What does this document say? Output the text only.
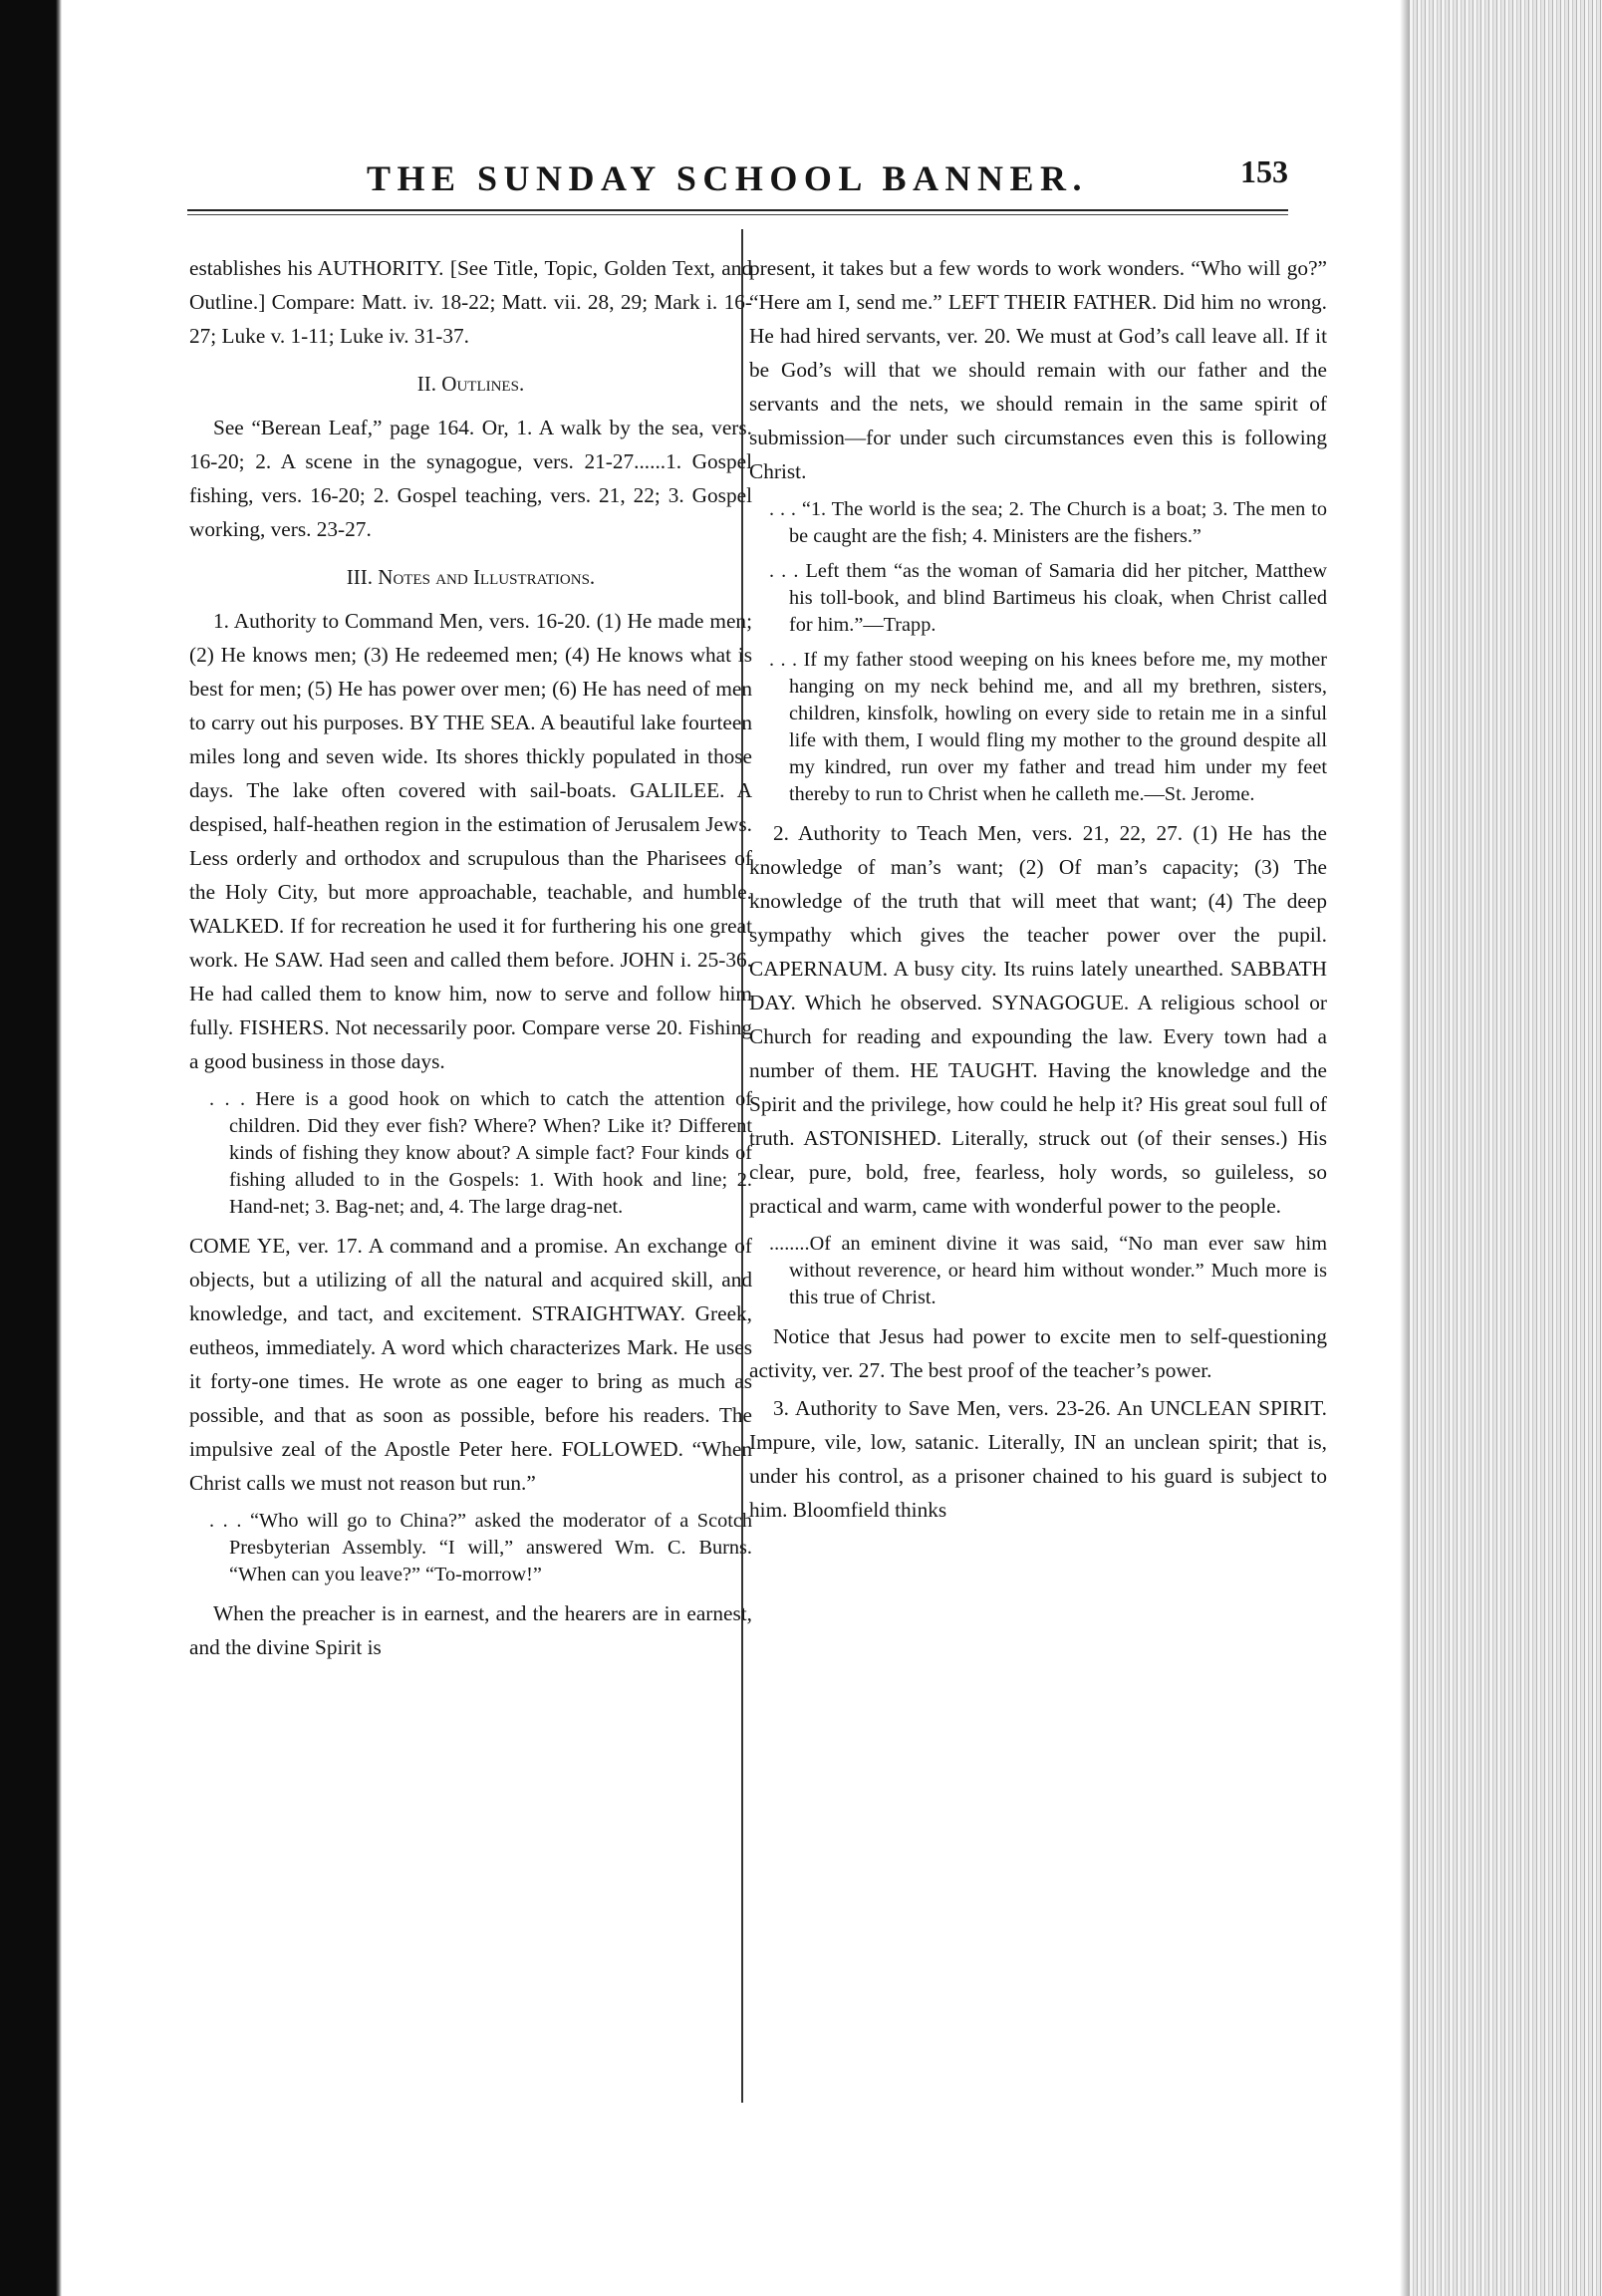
THE SUNDAY SCHOOL BANNER.	153

establishes his AUTHORITY. [See Title, Topic, Golden Text, and Outline.] Compare: Matt. iv. 18-22; Matt. vii. 28, 29; Mark i. 16-27; Luke v. 1-11; Luke iv. 31-37.

II. Outlines.

See “Berean Leaf,” page 164. Or, 1. A walk by the sea, vers. 16-20; 2. A scene in the synagogue, vers. 21-27......1. Gospel fishing, vers. 16-20; 2. Gospel teaching, vers. 21, 22; 3. Gospel working, vers. 23-27.

III. Notes and Illustrations.

1. Authority to Command Men, vers. 16-20. (1) He made men; (2) He knows men; (3) He redeemed men; (4) He knows what is best for men; (5) He has power over men; (6) He has need of men to carry out his purposes. BY THE SEA. A beautiful lake fourteen miles long and seven wide. Its shores thickly populated in those days. The lake often covered with sail-boats. GALILEE. A despised, half-heathen region in the estimation of Jerusalem Jews. Less orderly and orthodox and scrupulous than the Pharisees of the Holy City, but more approachable, teachable, and humble. WALKED. If for recreation he used it for furthering his one great work. He SAW. Had seen and called them before. JOHN i. 25-36. He had called them to know him, now to serve and follow him fully. FISHERS. Not necessarily poor. Compare verse 20. Fishing a good business in those days.

. . . Here is a good hook on which to catch the attention of children. Did they ever fish? Where? When? Like it? Different kinds of fishing they know about? A simple fact? Four kinds of fishing alluded to in the Gospels: 1. With hook and line; 2. Hand-net; 3. Bag-net; and, 4. The large drag-net.

COME YE, ver. 17. A command and a promise. An exchange of objects, but a utilizing of all the natural and acquired skill, and knowledge, and tact, and excitement. STRAIGHTWAY. Greek, eutheos, immediately. A word which characterizes Mark. He uses it forty-one times. He wrote as one eager to bring as much as possible, and that as soon as possible, before his readers. The impulsive zeal of the Apostle Peter here. FOLLOWED. “When Christ calls we must not reason but run.”

. . . “Who will go to China?” asked the moderator of a Scotch Presbyterian Assembly. “I will,” answered Wm. C. Burns. “When can you leave?” “To-morrow!”

When the preacher is in earnest, and the hearers are in earnest, and the divine Spirit is

present, it takes but a few words to work wonders. “Who will go?” “Here am I, send me.” LEFT THEIR FATHER. Did him no wrong. He had hired servants, ver. 20. We must at God’s call leave all. If it be God’s will that we should remain with our father and the servants and the nets, we should remain in the same spirit of submission—for under such circumstances even this is following Christ.

. . . “1. The world is the sea; 2. The Church is a boat; 3. The men to be caught are the fish; 4. Ministers are the fishers.”

. . . Left them “as the woman of Samaria did her pitcher, Matthew his toll-book, and blind Bartimeus his cloak, when Christ called for him.”—Trapp.

. . . If my father stood weeping on his knees before me, my mother hanging on my neck behind me, and all my brethren, sisters, children, kinsfolk, howling on every side to retain me in a sinful life with them, I would fling my mother to the ground despite all my kindred, run over my father and tread him under my feet thereby to run to Christ when he calleth me.—St. Jerome.

2. Authority to Teach Men, vers. 21, 22, 27. (1) He has the knowledge of man’s want; (2) Of man’s capacity; (3) The knowledge of the truth that will meet that want; (4) The deep sympathy which gives the teacher power over the pupil. CAPERNAUM. A busy city. Its ruins lately unearthed. SABBATH DAY. Which he observed. SYNAGOGUE. A religious school or Church for reading and expounding the law. Every town had a number of them. HE TAUGHT. Having the knowledge and the Spirit and the privilege, how could he help it? His great soul full of truth. ASTONISHED. Literally, struck out (of their senses.) His clear, pure, bold, free, fearless, holy words, so guileless, so practical and warm, came with wonderful power to the people.

........Of an eminent divine it was said, “No man ever saw him without reverence, or heard him without wonder.” Much more is this true of Christ.

Notice that Jesus had power to excite men to self-questioning activity, ver. 27. The best proof of the teacher’s power.

3. Authority to Save Men, vers. 23-26. An UNCLEAN SPIRIT. Impure, vile, low, satanic. Literally, IN an unclean spirit; that is, under his control, as a prisoner chained to his guard is subject to him. Bloomfield thinks
